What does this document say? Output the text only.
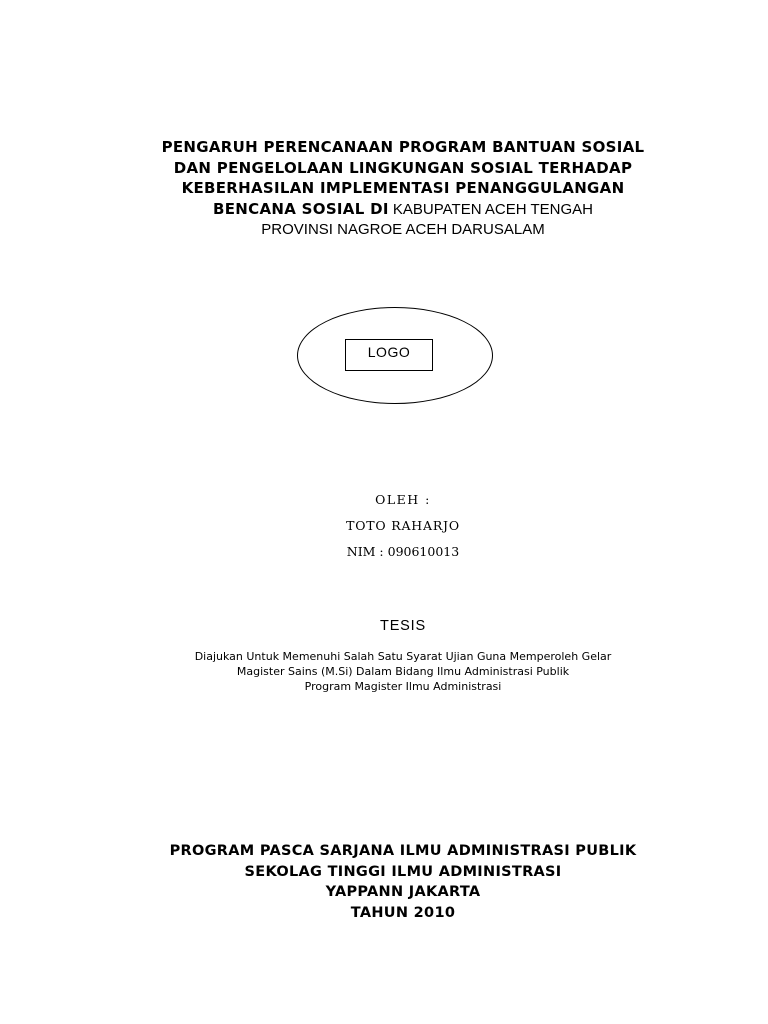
PENGARUH PERENCANAAN PROGRAM BANTUAN SOSIAL
DAN PENGELOLAAN LINGKUNGAN SOSIAL TERHADAP
KEBERHASILAN IMPLEMENTASI PENANGGULANGAN
BENCANA SOSIAL DI KABUPATEN ACEH TENGAH
PROVINSI NAGROE ACEH DARUSALAM
LOGO
OLEH :
TOTO RAHARJO
NIM : 090610013
TESIS
Diajukan Untuk Memenuhi Salah Satu Syarat Ujian Guna Memperoleh Gelar
Magister Sains (M.Si) Dalam Bidang Ilmu Administrasi Publik
Program Magister Ilmu Administrasi
PROGRAM PASCA SARJANA ILMU ADMINISTRASI PUBLIK
SEKOLAG TINGGI ILMU ADMINISTRASI
YAPPANN JAKARTA
TAHUN 2010
